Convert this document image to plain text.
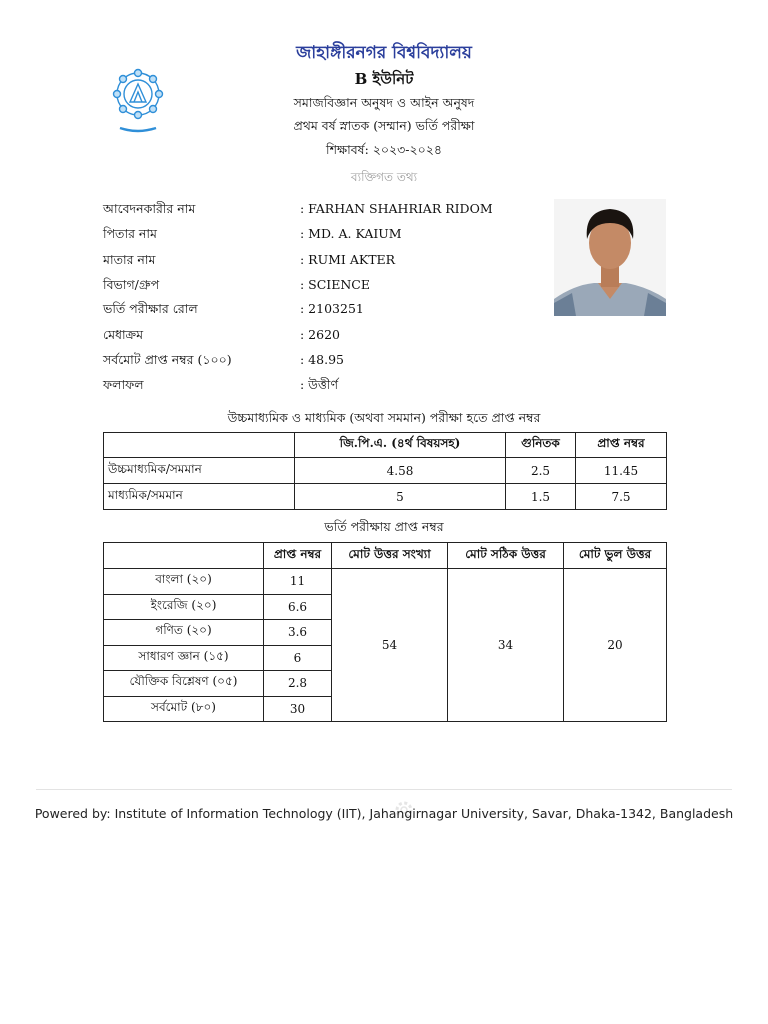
জাহাঙ্গীরনগর বিশ্ববিদ্যালয়
B ইউনিট
সমাজবিজ্ঞান অনুষদ ও আইন অনুষদ
প্রথম বর্ষ স্নাতক (সম্মান) ভর্তি পরীক্ষা
শিক্ষাবর্ষ: ২০২৩-২০২৪
ব্যক্তিগত তথ্য
আবেদনকারীর নাম	: FARHAN SHAHRIAR RIDOM
পিতার নাম	: MD. A. KAIUM
মাতার নাম	: RUMI AKTER
বিভাগ/গ্রুপ	: SCIENCE
ভর্তি পরীক্ষার রোল	: 2103251
মেধাক্রম	: 2620
সর্বমোট প্রাপ্ত নম্বর (১০০)	: 48.95
ফলাফল	: উত্তীর্ণ
উচ্চমাধ্যমিক ও মাধ্যমিক (অথবা সমমান) পরীক্ষা হতে প্রাপ্ত নম্বর
	জি.পি.এ. (৪র্থ বিষয়সহ)	গুনিতক	প্রাপ্ত নম্বর
উচ্চমাধ্যমিক/সমমান	4.58	2.5	11.45
মাধ্যমিক/সমমান	5	1.5	7.5
ভর্তি পরীক্ষায় প্রাপ্ত নম্বর
	প্রাপ্ত নম্বর	মোট উত্তর সংখ্যা	মোট সঠিক উত্তর	মোট ভুল উত্তর
বাংলা (২০)	11	54	34	20
ইংরেজি (২০)	6.6			
গণিত (২০)	3.6			
সাধারণ জ্ঞান (১৫)	6			
যৌক্তিক বিশ্লেষণ (০৫)	2.8			
সর্বমোট (৮০)	30			
Powered by: Institute of Information Technology (IIT), Jahangirnagar University, Savar, Dhaka-1342, Bangladesh
